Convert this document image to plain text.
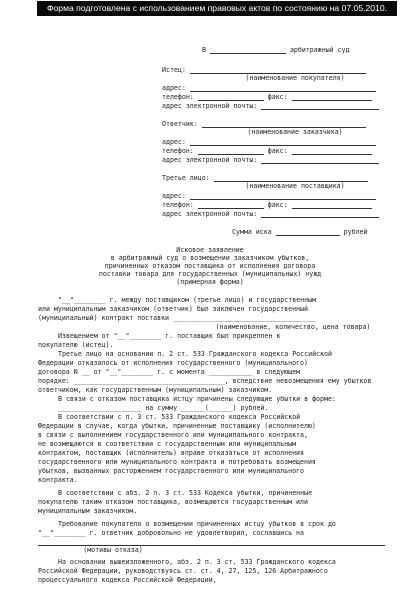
Форма подготовлена с использованием правовых актов по состоянию на 07.05.2010.
В	арбитражный суд
Истец:
(наименование покупателя)
адрес:
телефон:	факс:
адрес электронной почты:
Ответчик:
(наименование заказчика)
адрес:
телефон:	факс:
адрес электронной почты:
Третье лицо:
(наименование поставщика)
адрес:
телефон:	факс:
адрес электронной почты:
Сумма иска	рублей
Исковое заявление
в арбитражный суд о возмещении заказчиком убытков,
причиненных отказом поставщика от исполнения договора
поставки товара для государственных (муниципальных) нужд
(примерная форма)
"__"________ г. между поставщиком (третье лицо) и государственным
или муниципальным заказчиком (ответчик) был заключен государственный
(муниципальный) контракт поставки ____________________________________
(наименование, количество, цена товара)
Извещением от "__"________ г. поставщик был прикреплен к
покупателю (истец).
Третье лицо на основании п. 2 ст. 533 Гражданского кодекса Российской
Федерации отказалось от исполнения государственного (муниципального)
договора N __ от "__"________ г. с момента ___________ в следующем
порядке: ______________________________________, вследствие невозмещения ему убытков
ответчиком, как государственным (муниципальным) заказчиком.
В связи с отказом поставщика истцу причинены следующие убытки в форме:
_____________________ на сумму ______(______) рублей.
В соответствии с п. 3 ст. 533 Гражданского кодекса Российской
Федерации в случае, когда убытки, причиненные поставщику (исполнителю)
в связи с выполнением государственного или муниципального контракта,
не возмещаются в соответствии с государственным или муниципальным
контрактом, поставщик (исполнитель) вправе отказаться от исполнения
государственного или муниципального контракта и потребовать возмещения
убытков, вызванных расторжением государственного или муниципального
контракта.
В соответствии с абз. 2 п. 3 ст. 533 Кодекса убытки, причиненные
покупателю таким отказом поставщика, возмещаются государственным или
муниципальным заказчиком.
Требование покупателя о возмещении причиненных истцу убытков в срок до
"__"________ г. ответчик добровольно не удовлетворил, сославшись на
(мотивы отказа)
На основании вышеизложенного, абз. 2 п. 3 ст. 533 Гражданского кодекса
Российской Федерации, руководствуясь ст. ст. 4, 27, 125, 126 Арбитражного
процессуального кодекса Российской Федерации,
